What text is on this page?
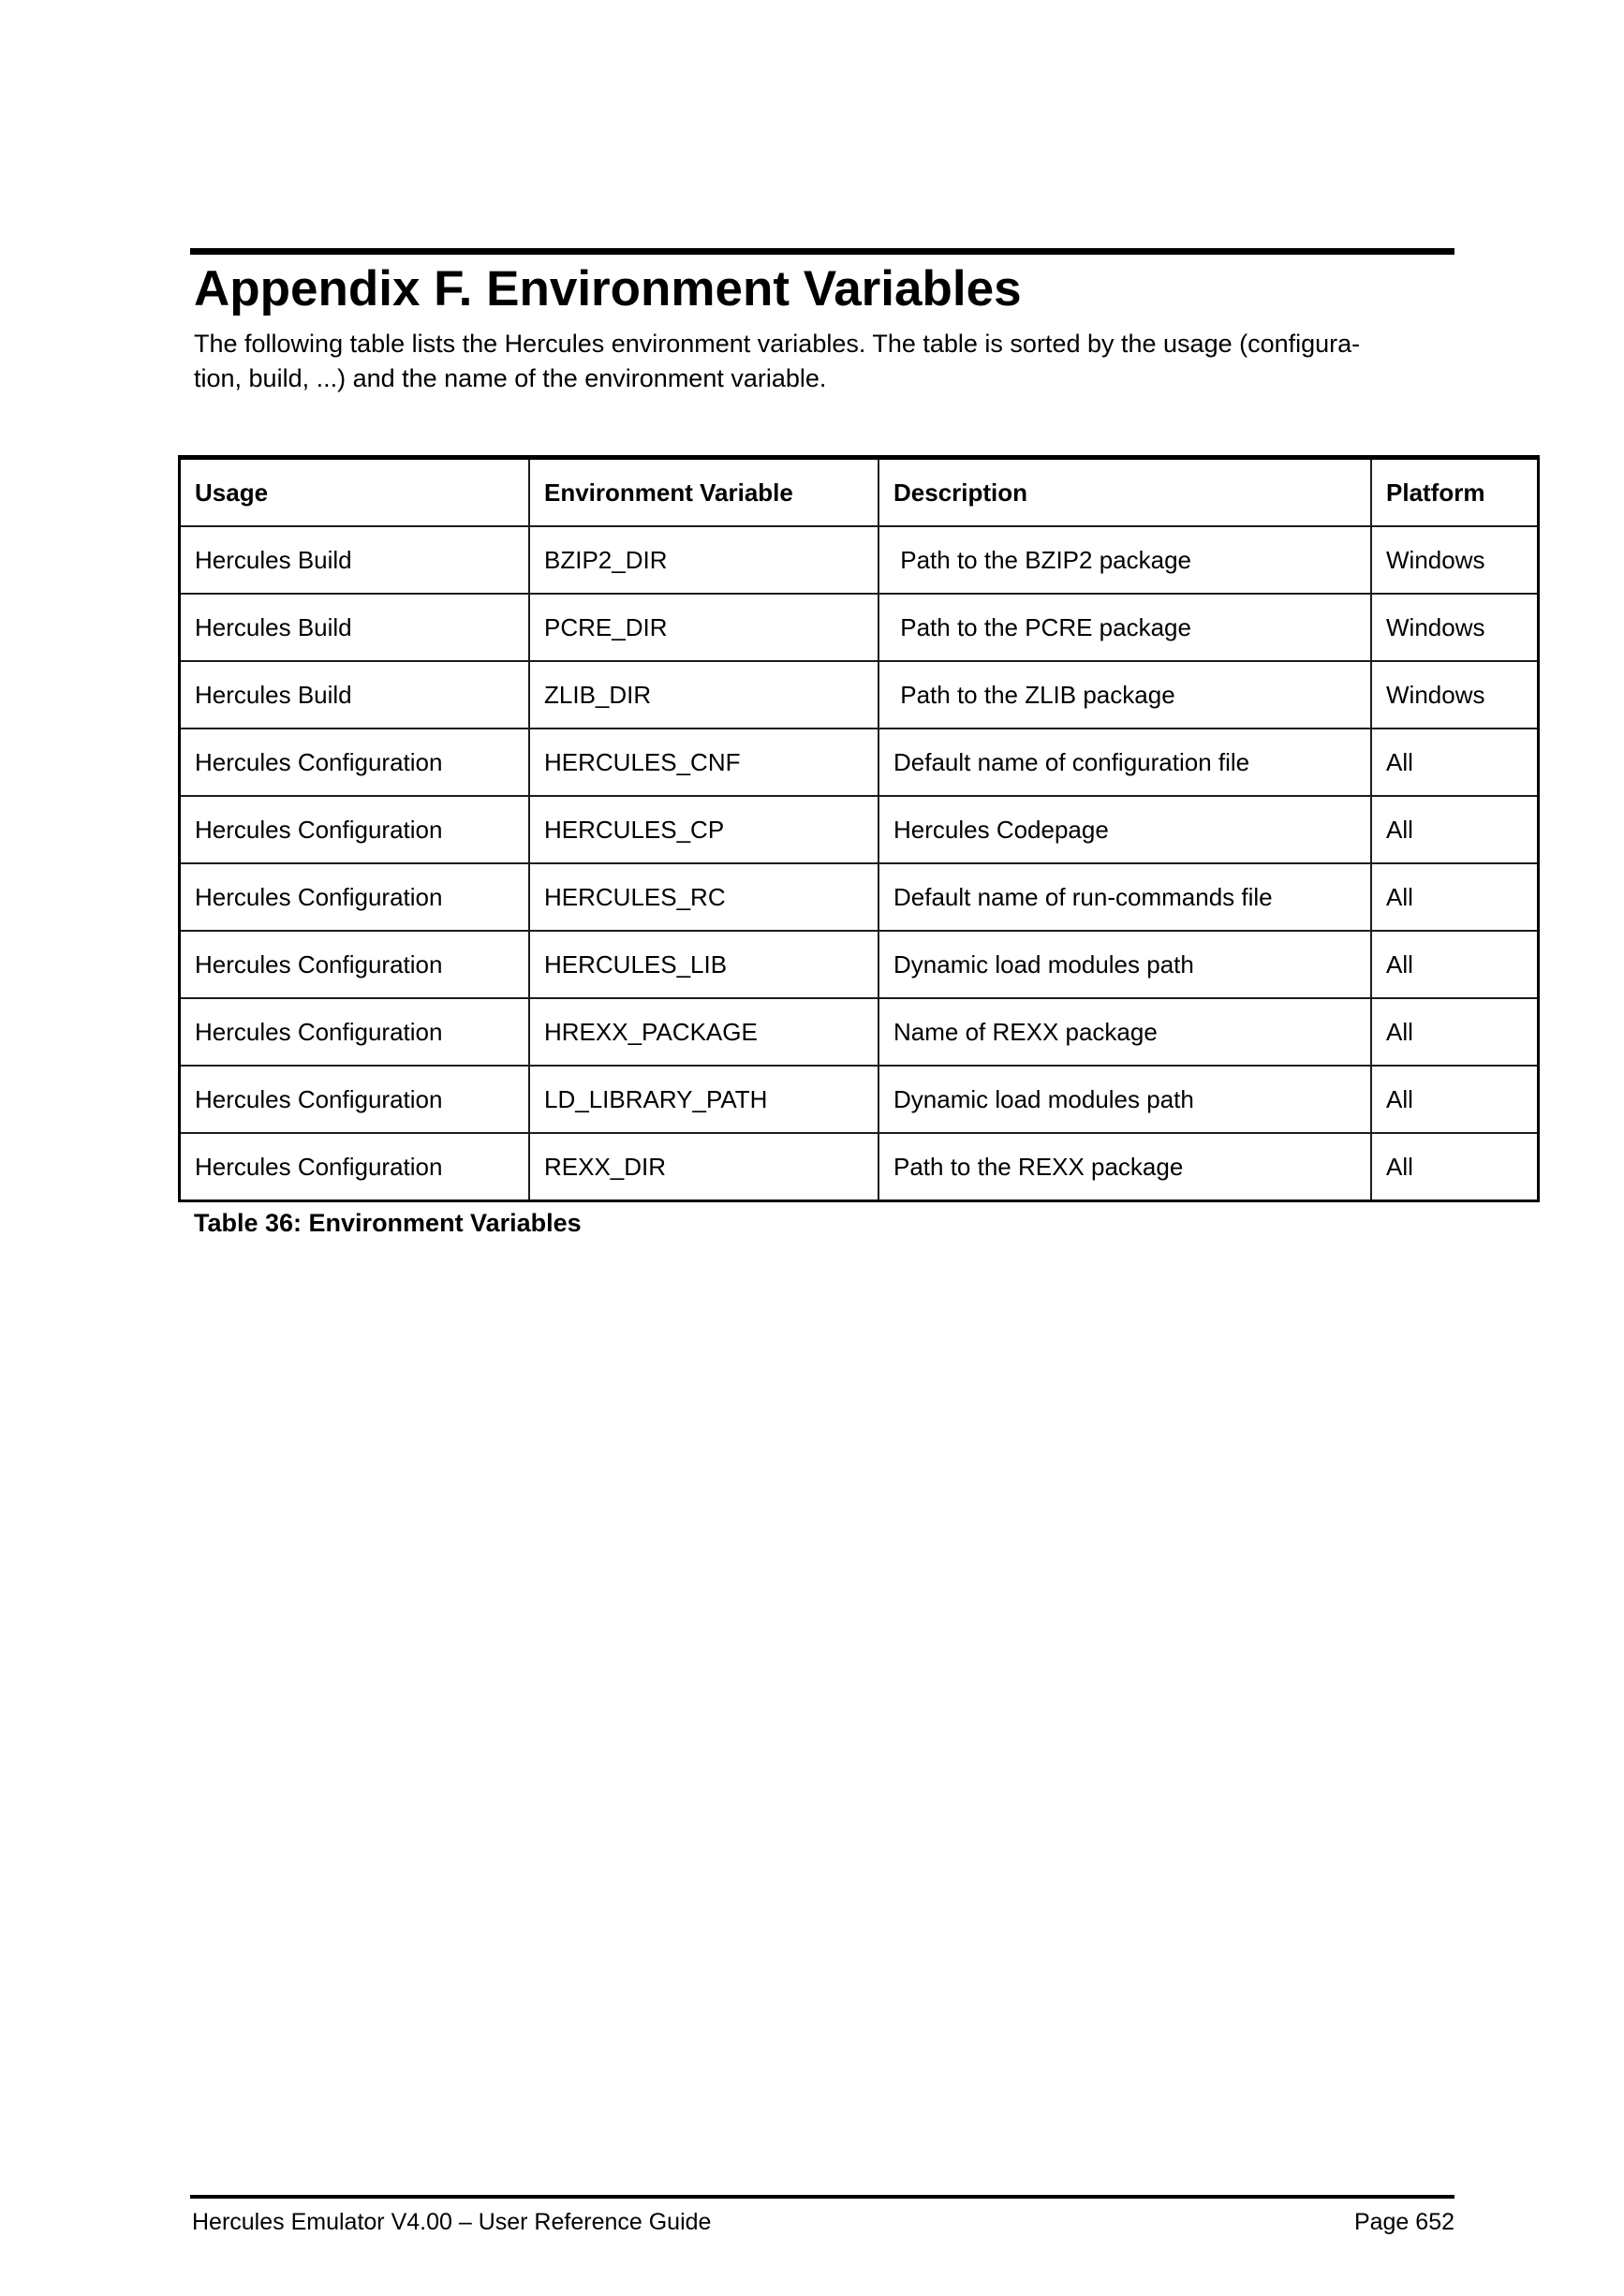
Appendix F. Environment Variables
The following table lists the Hercules environment variables. The table is sorted by the usage (configura-
tion, build, ...) and the name of the environment variable.
Usage	Environment Variable	Description	Platform
Hercules Build	BZIP2_DIR	Path to the BZIP2 package	Windows
Hercules Build	PCRE_DIR	Path to the PCRE package	Windows
Hercules Build	ZLIB_DIR	Path to the ZLIB package	Windows
Hercules Configuration	HERCULES_CNF	Default name of configuration file	All
Hercules Configuration	HERCULES_CP	Hercules Codepage	All
Hercules Configuration	HERCULES_RC	Default name of run-commands file	All
Hercules Configuration	HERCULES_LIB	Dynamic load modules path	All
Hercules Configuration	HREXX_PACKAGE	Name of REXX package	All
Hercules Configuration	LD_LIBRARY_PATH	Dynamic load modules path	All
Hercules Configuration	REXX_DIR	Path to the REXX package	All
Table 36: Environment Variables
Hercules Emulator V4.00 – User Reference Guide	Page 652
